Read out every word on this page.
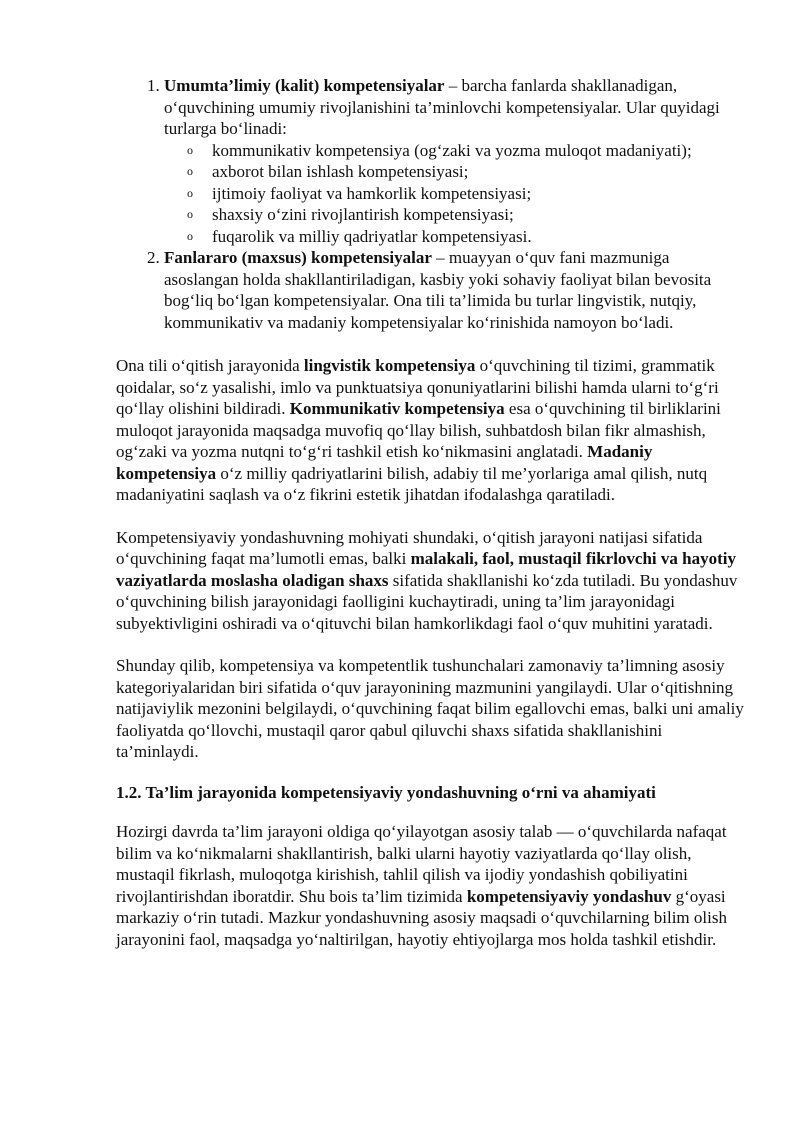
1. Umumta’limiy (kalit) kompetensiyalar – barcha fanlarda shakllanadigan, o‘quvchining umumiy rivojlanishini ta’minlovchi kompetensiyalar. Ular quyidagi turlarga bo‘linadi:
o kommunikativ kompetensiya (og‘zaki va yozma muloqot madaniyati);
o axborot bilan ishlash kompetensiyasi;
o ijtimoiy faoliyat va hamkorlik kompetensiyasi;
o shaxsiy o‘zini rivojlantirish kompetensiyasi;
o fuqarolik va milliy qadriyatlar kompetensiyasi.
2. Fanlararo (maxsus) kompetensiyalar – muayyan o‘quv fani mazmuniga asoslangan holda shakllantiriladigan, kasbiy yoki sohaviy faoliyat bilan bevosita bog‘liq bo‘lgan kompetensiyalar. Ona tili ta’limida bu turlar lingvistik, nutqiy, kommunikativ va madaniy kompetensiyalar ko‘rinishida namoyon bo‘ladi.

Ona tili o‘qitish jarayonida lingvistik kompetensiya o‘quvchining til tizimi, grammatik qoidalar, so‘z yasalishi, imlo va punktuatsiya qonuniyatlarini bilishi hamda ularni to‘g‘ri qo‘llay olishini bildiradi. Kommunikativ kompetensiya esa o‘quvchining til birliklarini muloqot jarayonida maqsadga muvofiq qo‘llay bilish, suhbatdosh bilan fikr almashish, og‘zaki va yozma nutqni to‘g‘ri tashkil etish ko‘nikmasini anglatadi. Madaniy kompetensiya o‘z milliy qadriyatlarini bilish, adabiy til me’yorlariga amal qilish, nutq madaniyatini saqlash va o‘z fikrini estetik jihatdan ifodalashga qaratiladi.

Kompetensiyaviy yondashuvning mohiyati shundaki, o‘qitish jarayoni natijasi sifatida o‘quvchining faqat ma’lumotli emas, balki malakali, faol, mustaqil fikrlovchi va hayotiy vaziyatlarda moslasha oladigan shaxs sifatida shakllanishi ko‘zda tutiladi. Bu yondashuv o‘quvchining bilish jarayonidagi faolligini kuchaytiradi, uning ta’lim jarayonidagi subyektivligini oshiradi va o‘qituvchi bilan hamkorlikdagi faol o‘quv muhitini yaratadi.

Shunday qilib, kompetensiya va kompetentlik tushunchalari zamonaviy ta’limning asosiy kategoriyalaridan biri sifatida o‘quv jarayonining mazmunini yangilaydi. Ular o‘qitishning natijaviylik mezonini belgilaydi, o‘quvchining faqat bilim egallovchi emas, balki uni amaliy faoliyatda qo‘llovchi, mustaqil qaror qabul qiluvchi shaxs sifatida shakllanishini ta’minlaydi.

1.2. Ta’lim jarayonida kompetensiyaviy yondashuvning o‘rni va ahamiyati

Hozirgi davrda ta’lim jarayoni oldiga qo‘yilayotgan asosiy talab — o‘quvchilarda nafaqat bilim va ko‘nikmalarni shakllantirish, balki ularni hayotiy vaziyatlarda qo‘llay olish, mustaqil fikrlash, muloqotga kirishish, tahlil qilish va ijodiy yondashish qobiliyatini rivojlantirishdan iboratdir. Shu bois ta’lim tizimida kompetensiyaviy yondashuv g‘oyasi markaziy o‘rin tutadi. Mazkur yondashuvning asosiy maqsadi o‘quvchilarning bilim olish jarayonini faol, maqsadga yo‘naltirilgan, hayotiy ehtiyojlarga mos holda tashkil etishdir.
